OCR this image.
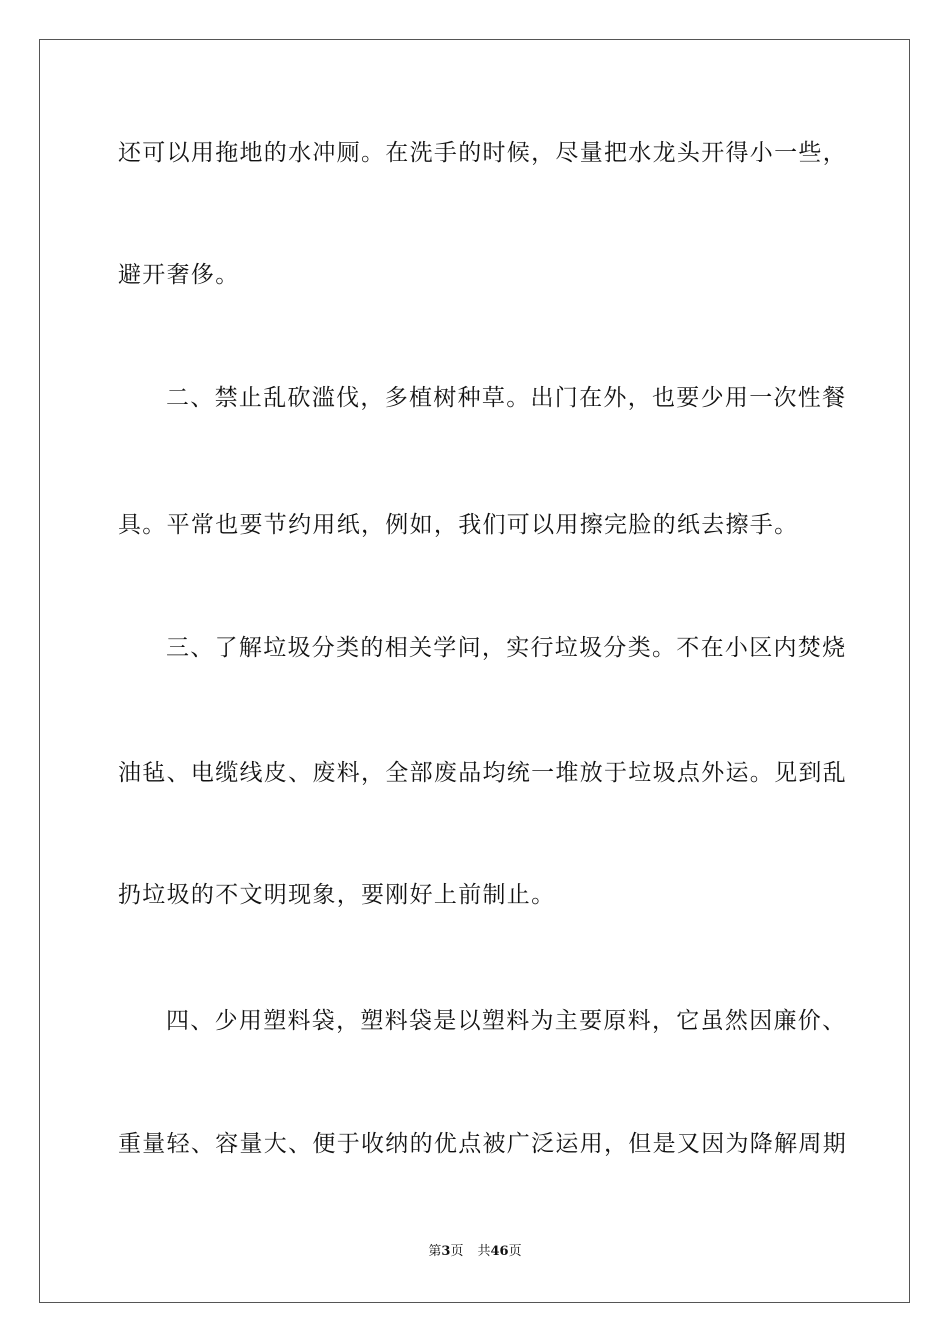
还可以用拖地的水冲厕。在洗手的时候，尽量把水龙头开得小一些，
避开奢侈。
二、禁止乱砍滥伐，多植树种草。出门在外，也要少用一次性餐
具。平常也要节约用纸，例如，我们可以用擦完脸的纸去擦手。
三、了解垃圾分类的相关学问，实行垃圾分类。不在小区内焚烧
油毡、电缆线皮、废料，全部废品均统一堆放于垃圾点外运。见到乱
扔垃圾的不文明现象，要刚好上前制止。
四、少用塑料袋，塑料袋是以塑料为主要原料，它虽然因廉价、
重量轻、容量大、便于收纳的优点被广泛运用，但是又因为降解周期
第3页 共46页
